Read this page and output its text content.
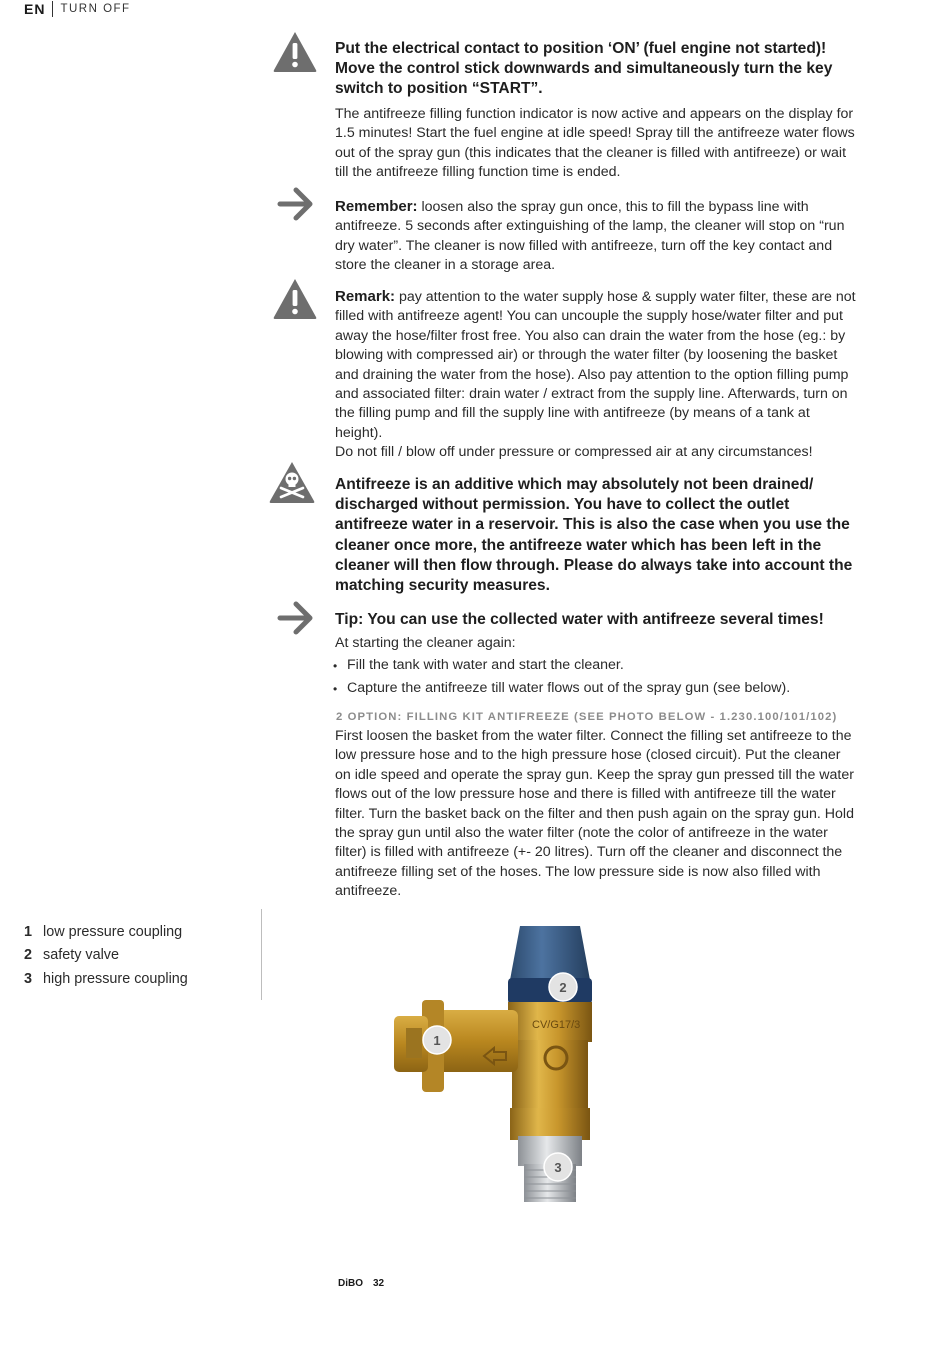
EN TURN OFF
Put the electrical contact to position ‘ON’ (fuel engine not started)! Move the control stick downwards and simultaneously turn the key switch to position “START”.
The antifreeze filling function indicator is now active and appears on the display for 1.5 minutes! Start the fuel engine at idle speed! Spray till the antifreeze water flows out of the spray gun (this indicates that the cleaner is filled with antifreeze) or wait till the antifreeze filling function time is ended.
Remember: loosen also the spray gun once, this to fill the bypass line with antifreeze. 5 seconds after extinguishing of the lamp, the cleaner will stop on “run dry water”. The cleaner is now filled with antifreeze, turn off the key contact and store the cleaner in a storage area.
Remark: pay attention to the water supply hose & supply water filter, these are not filled with antifreeze agent! You can uncouple the supply hose/water filter and put away the hose/filter frost free. You also can drain the water from the hose (eg.: by blowing with compressed air) or through the water filter (by loosening the basket and draining the water from the hose). Also pay attention to the option filling pump and associated filter: drain water / extract from the supply line. Afterwards, turn on the filling pump and fill the supply line with antifreeze (by means of a tank at height).
Do not fill / blow off under pressure or compressed air at any circumstances!
Antifreeze is an additive which may absolutely not been drained/ discharged without permission. You have to collect the outlet antifreeze water in a reservoir. This is also the case when you use the cleaner once more, the antifreeze water which has been left in the cleaner will then flow through. Please do always take into account the matching security measures.
Tip: You can use the collected water with antifreeze several times!
At starting the cleaner again:
• Fill the tank with water and start the cleaner.
• Capture the antifreeze till water flows out of the spray gun (see below).
2 OPTION: FILLING KIT ANTIFREEZE (SEE PHOTO BELOW - 1.230.100/101/102)
First loosen the basket from the water filter. Connect the filling set antifreeze to the low pressure hose and to the high pressure hose (closed circuit). Put the cleaner on idle speed and operate the spray gun. Keep the spray gun pressed till the water flows out of the low pressure hose and there is filled with antifreeze till the water filter. Turn the basket back on the filter and then push again on the spray gun. Hold the spray gun until also the water filter (note the color of antifreeze in the water filter) is filled with antifreeze (+- 20 litres). Turn off the cleaner and disconnect the antifreeze filling set of the hoses. The low pressure side is now also filled with antifreeze.
1 low pressure coupling
2 safety valve
3 high pressure coupling
CV/G17/3
1
2
3
DiBO 32
